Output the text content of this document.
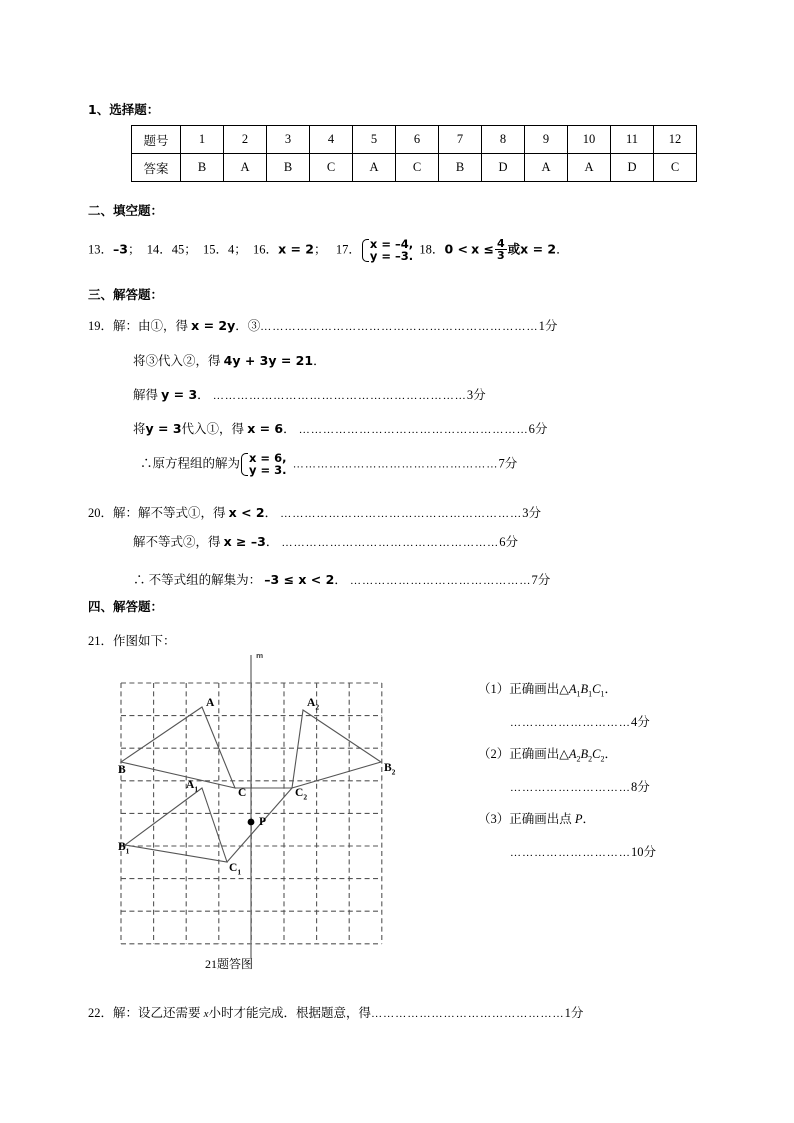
1、选择题：
题号	1	2	3	4	5	6	7	8	9	10	11	12
答案	B	A	B	C	A	C	B	D	A	A	D	C
二、填空题：
13．–3； 14．45； 15．4； 16．x = 2； 17． x = –4,
y = –3.
18．$0 < x \le \frac{4}{3}$ 或x = 2．
三、解答题：
19．解：由①，得 x = 2y．③……………………………………………………………1分
将③代入②，得 4y + 3y = 21．
解得 y = 3． ………………………………………………………3分
将y = 3代入①，得 x = 6． …………………………………………………6分
∴原方程组的解为 x = 6,
y = 3. ……………………………………………7分
20．解：解不等式①，得 x < 2． ……………………………………………………3分
解不等式②，得 x ≥ –3． ………………………………………………6分
∴ 不等式组的解集为： –3 ≤ x < 2． ………………………………………7分
四、解答题：
21．作图如下：
m
21题答图
A
B
C
$A_1$
$B_1$
$C_1$
$A_2$
$B_2$
$C_2$
P
（1）正确画出$\triangle A_1B_1C_1$．
…………………………4分
（2）正确画出$\triangle A_2B_2C_2$．
…………………………8分
（3）正确画出点 P．
…………………………10分
22．解：设乙还需要 x小时才能完成．根据题意，得…………………………………………1分
